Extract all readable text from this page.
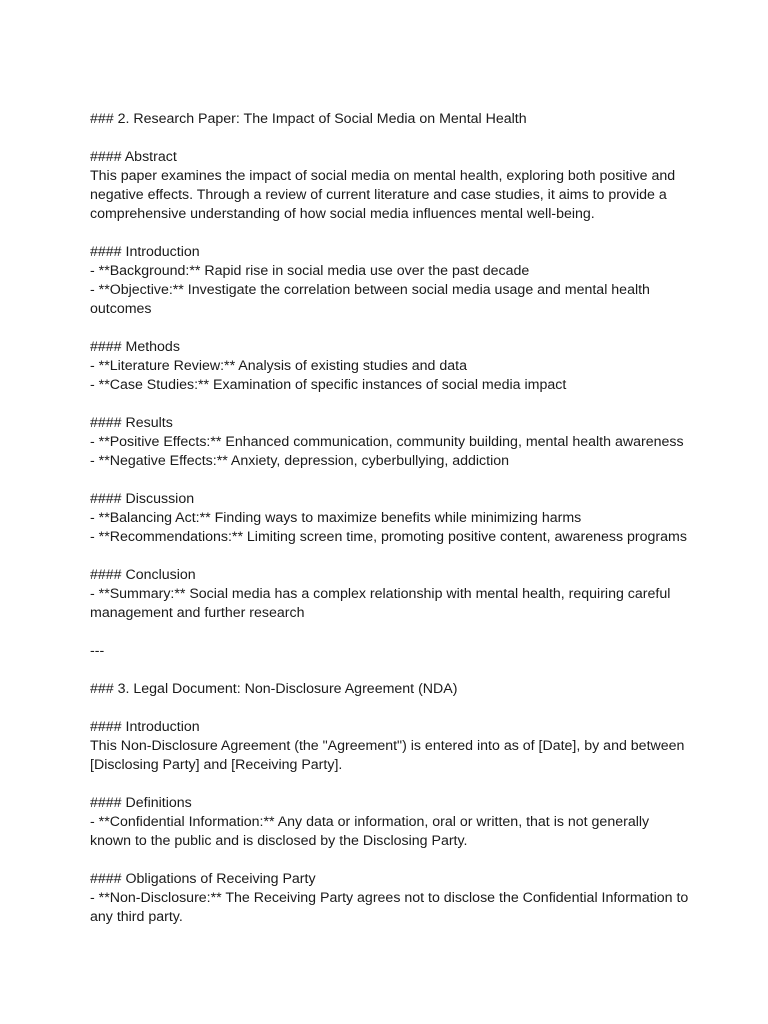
### 2. Research Paper: The Impact of Social Media on Mental Health
#### Abstract
This paper examines the impact of social media on mental health, exploring both positive and
negative effects. Through a review of current literature and case studies, it aims to provide a
comprehensive understanding of how social media influences mental well-being.
#### Introduction
- **Background:** Rapid rise in social media use over the past decade
- **Objective:** Investigate the correlation between social media usage and mental health
outcomes
#### Methods
- **Literature Review:** Analysis of existing studies and data
- **Case Studies:** Examination of specific instances of social media impact
#### Results
- **Positive Effects:** Enhanced communication, community building, mental health awareness
- **Negative Effects:** Anxiety, depression, cyberbullying, addiction
#### Discussion
- **Balancing Act:** Finding ways to maximize benefits while minimizing harms
- **Recommendations:** Limiting screen time, promoting positive content, awareness programs
#### Conclusion
- **Summary:** Social media has a complex relationship with mental health, requiring careful
management and further research
---
### 3. Legal Document: Non-Disclosure Agreement (NDA)
#### Introduction
This Non-Disclosure Agreement (the "Agreement") is entered into as of [Date], by and between
[Disclosing Party] and [Receiving Party].
#### Definitions
- **Confidential Information:** Any data or information, oral or written, that is not generally
known to the public and is disclosed by the Disclosing Party.
#### Obligations of Receiving Party
- **Non-Disclosure:** The Receiving Party agrees not to disclose the Confidential Information to
any third party.
